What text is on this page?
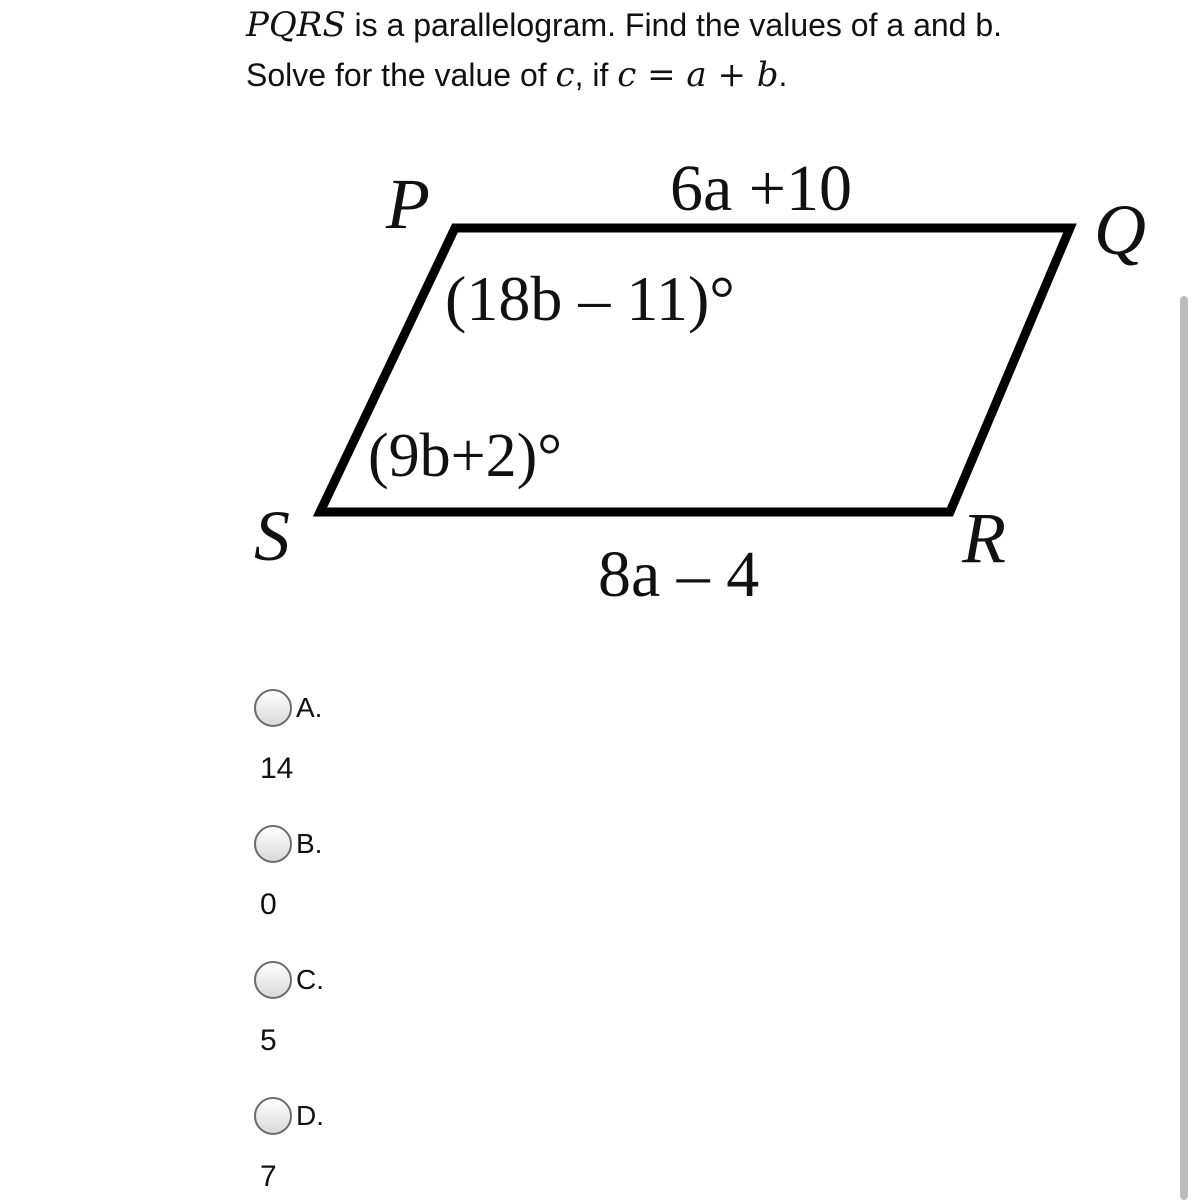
PQRS is a parallelogram. Find the values of a and b.
Solve for the value of c, if c = a + b.
P	Q
R
S
6a +10
8a – 4
(18b – 11)°
(9b+2)°
A.
14
B.
0
C.
5
D.
7
